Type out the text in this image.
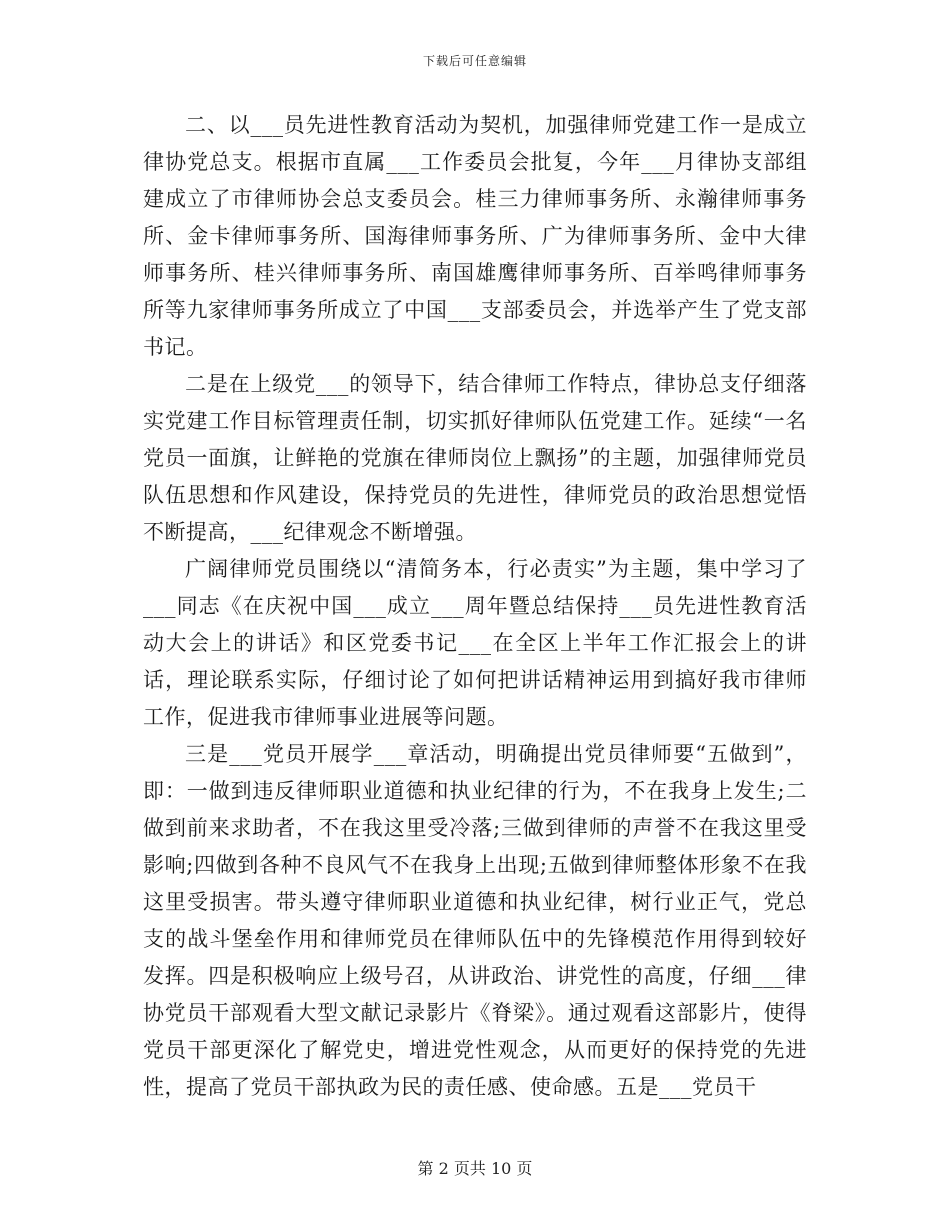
下载后可任意编辑

二、以___员先进性教育活动为契机，加强律师党建工作一是成立律协党总支。根据市直属___工作委员会批复，今年___月律协支部组建成立了市律师协会总支委员会。桂三力律师事务所、永瀚律师事务所、金卡律师事务所、国海律师事务所、广为律师事务所、金中大律师事务所、桂兴律师事务所、南国雄鹰律师事务所、百举鸣律师事务所等九家律师事务所成立了中国___支部委员会，并选举产生了党支部书记。

二是在上级党___的领导下，结合律师工作特点，律协总支仔细落实党建工作目标管理责任制，切实抓好律师队伍党建工作。延续“一名党员一面旗，让鲜艳的党旗在律师岗位上飘扬”的主题，加强律师党员队伍思想和作风建设，保持党员的先进性，律师党员的政治思想觉悟不断提高，___纪律观念不断增强。

广阔律师党员围绕以“清简务本，行必责实”为主题，集中学习了___同志《在庆祝中国___成立___周年暨总结保持___员先进性教育活动大会上的讲话》和区党委书记___在全区上半年工作汇报会上的讲话，理论联系实际，仔细讨论了如何把讲话精神运用到搞好我市律师工作，促进我市律师事业进展等问题。

三是___党员开展学___章活动，明确提出党员律师要“五做到”，即：一做到违反律师职业道德和执业纪律的行为，不在我身上发生;二做到前来求助者，不在我这里受冷落;三做到律师的声誉不在我这里受影响;四做到各种不良风气不在我身上出现;五做到律师整体形象不在我这里受损害。带头遵守律师职业道德和执业纪律，树行业正气，党总支的战斗堡垒作用和律师党员在律师队伍中的先锋模范作用得到较好发挥。四是积极响应上级号召，从讲政治、讲党性的高度，仔细___律协党员干部观看大型文献记录影片《脊梁》。通过观看这部影片，使得党员干部更深化了解党史，增进党性观念，从而更好的保持党的先进性，提高了党员干部执政为民的责任感、使命感。五是___党员干

第 2 页共 10 页
